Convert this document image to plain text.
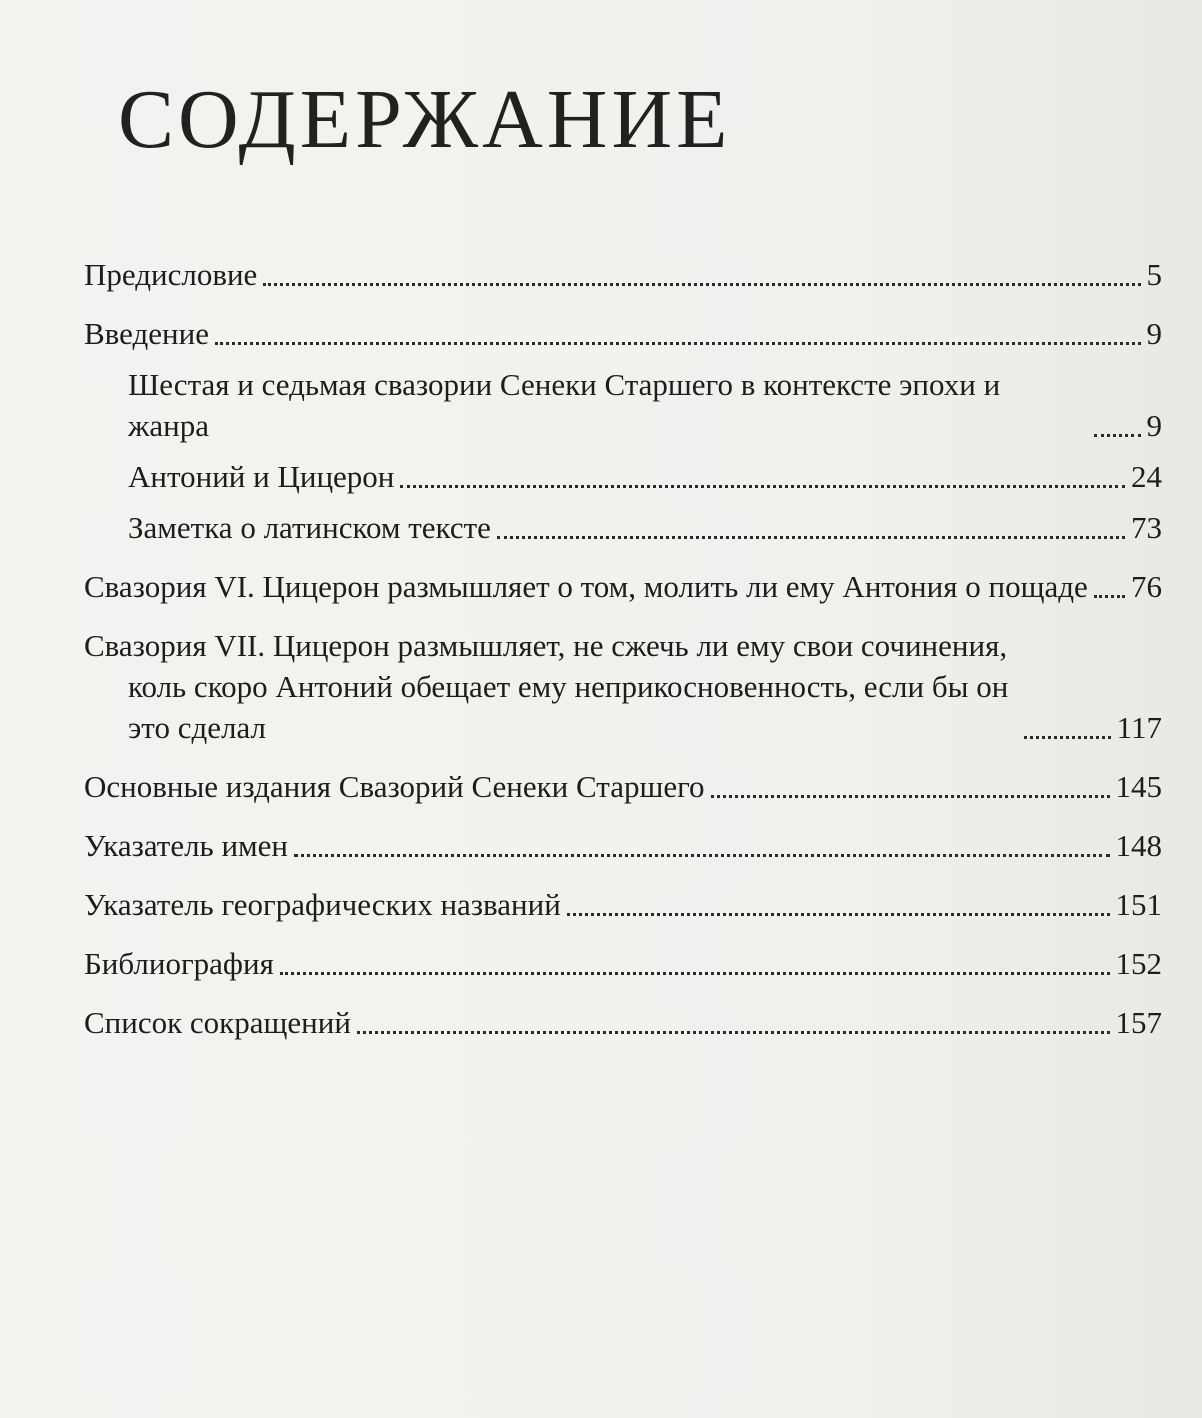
СОДЕРЖАНИЕ
Предисловие	5
Введение	9
Шестая и седьмая свазории Сенеки Старшего в контексте эпохи и жанра	9
Антоний и Цицерон	24
Заметка о латинском тексте	73
Свазория VI. Цицерон размышляет о том, молить ли ему Антония о пощаде 76
Свазория VII. Цицерон размышляет, не сжечь ли ему свои сочинения, коль скоро Антоний обещает ему неприкосновенность, если бы он это сделал	117
Основные издания Свазорий Сенеки Старшего	145
Указатель имен	148
Указатель географических названий	151
Библиография	152
Список сокращений	157
